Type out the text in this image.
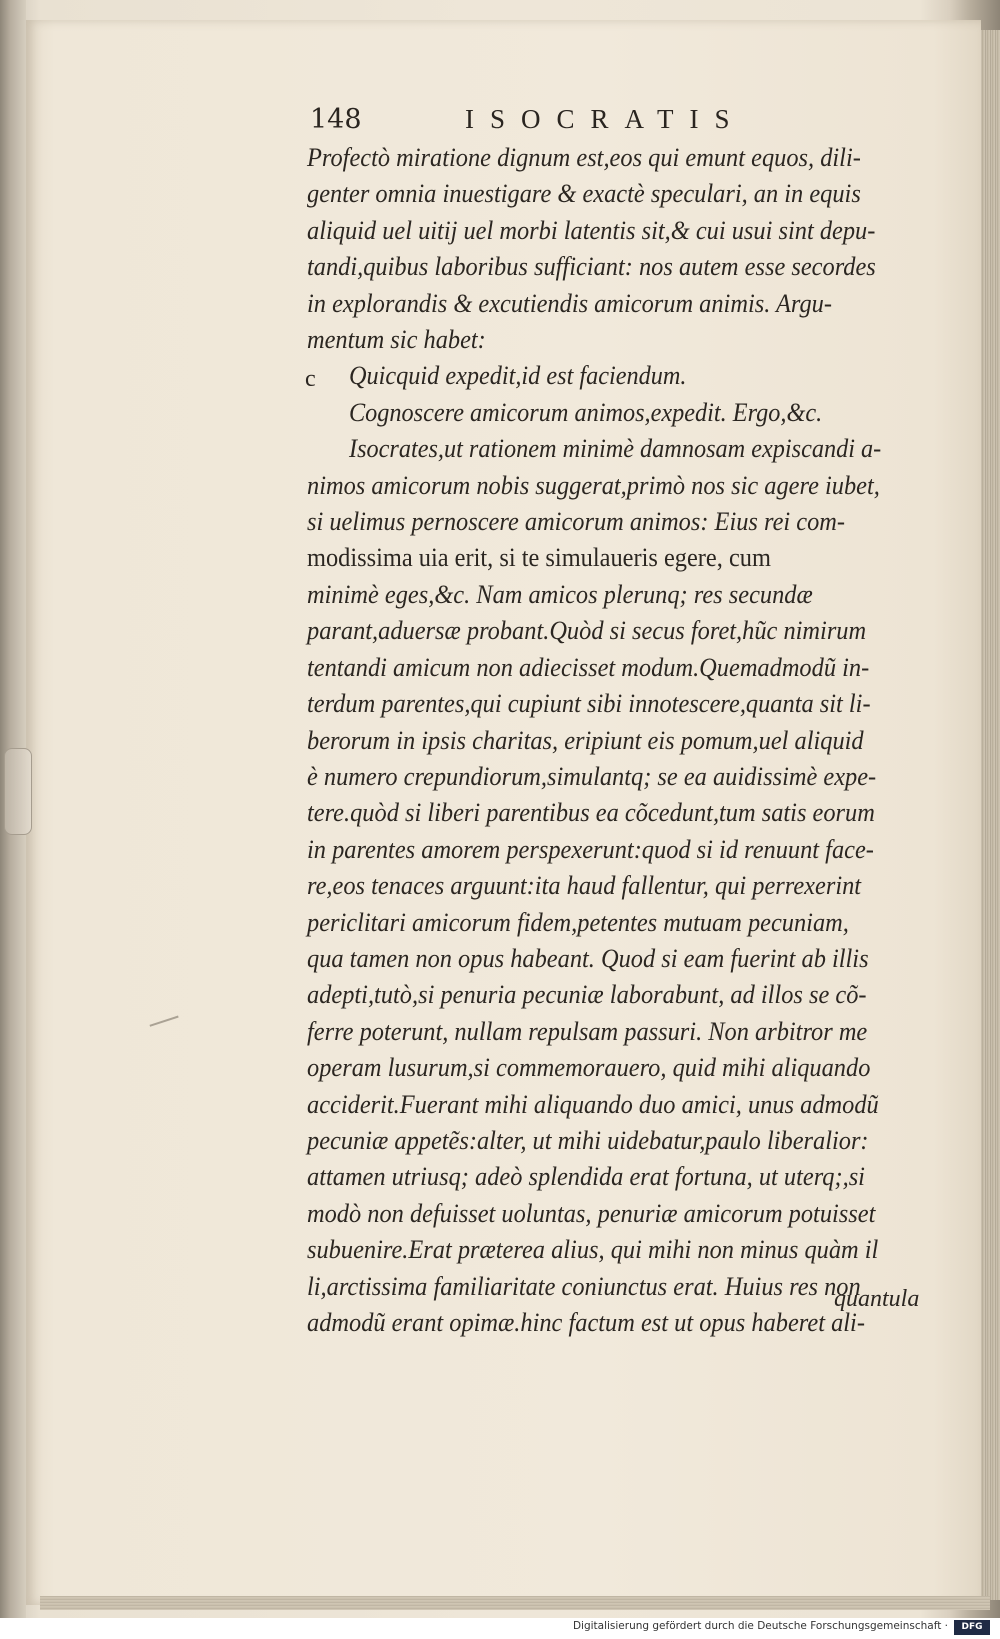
148	ISOCRATIS
c
Profectò miratione dignum est,eos qui emunt equos, dili-
genter omnia inuestigare & exactè speculari, an in equis
aliquid uel uitij uel morbi latentis sit,& cui usui sint depu-
tandi,quibus laboribus sufficiant: nos autem esse secordes
in explorandis & excutiendis amicorum animis. Argu-
mentum sic habet:
Quicquid expedit,id est faciendum.
Cognoscere amicorum animos,expedit. Ergo,&c.
Isocrates,ut rationem minimè damnosam expiscandi a-
nimos amicorum nobis suggerat,primò nos sic agere iubet,
si uelimus pernoscere amicorum animos: Eius rei com-
modissima uia erit, si te simulaueris egere, cum
minimè eges,&c. Nam amicos plerunq; res secundæ
parant,aduersæ probant.Quòd si secus foret,hũc nimirum
tentandi amicum non adiecisset modum.Quemadmodũ in-
terdum parentes,qui cupiunt sibi innotescere,quanta sit li-
berorum in ipsis charitas, eripiunt eis pomum,uel aliquid
è numero crepundiorum,simulantq; se ea auidissimè expe-
tere.quòd si liberi parentibus ea cõcedunt,tum satis eorum
in parentes amorem perspexerunt:quod si id renuunt face-
re,eos tenaces arguunt:ita haud fallentur, qui perrexerint
periclitari amicorum fidem,petentes mutuam pecuniam,
qua tamen non opus habeant. Quod si eam fuerint ab illis
adepti,tutò,si penuria pecuniæ laborabunt, ad illos se cõ-
ferre poterunt, nullam repulsam passuri. Non arbitror me
operam lusurum,si commemorauero, quid mihi aliquando
acciderit.Fuerant mihi aliquando duo amici, unus admodũ
pecuniæ appetẽs:alter, ut mihi uidebatur,paulo liberalior:
attamen utriusq; adeò splendida erat fortuna, ut uterq;,si
modò non defuisset uoluntas, penuriæ amicorum potuisset
subuenire.Erat præterea alius, qui mihi non minus quàm il
li,arctissima familiaritate coniunctus erat. Huius res non
admodũ erant opimæ.hinc factum est ut opus haberet ali-
quantula
Digitalisierung gefördert durch die Deutsche Forschungsgemeinschaft ·	DFG
